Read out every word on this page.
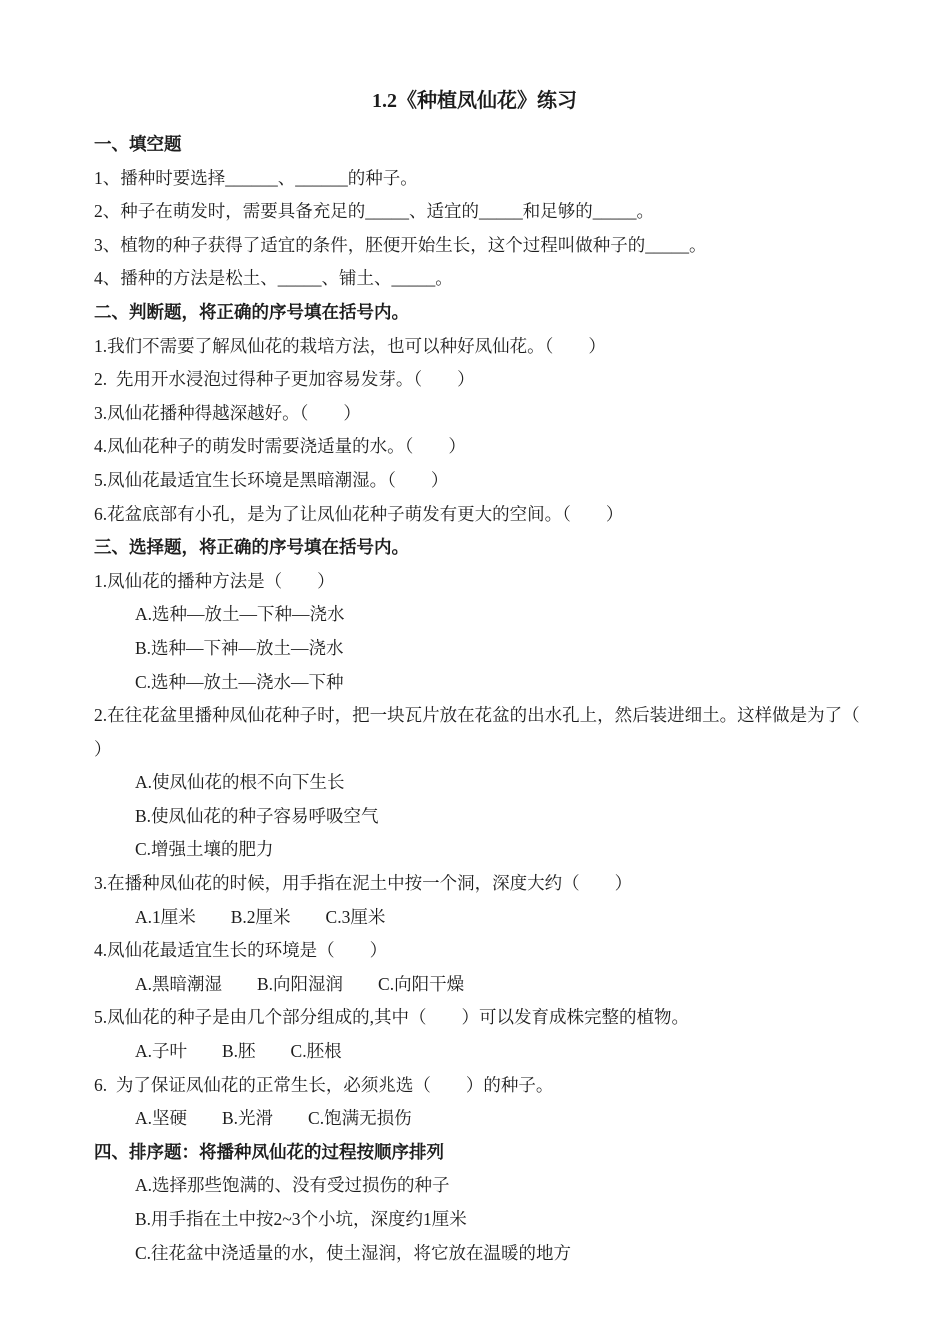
1.2《种植凤仙花》练习
一、填空题
1、播种时要选择______、______的种子。
2、种子在萌发时，需要具备充足的_____、适宜的_____和足够的_____。
3、植物的种子获得了适宜的条件，胚便开始生长，这个过程叫做种子的_____。
4、播种的方法是松土、_____、铺土、_____。
二、判断题，将正确的序号填在括号内。
1.我们不需要了解凤仙花的栽培方法，也可以种好凤仙花。（　　）
2.  先用开水浸泡过得种子更加容易发芽。（　　）
3.凤仙花播种得越深越好。（　　）
4.凤仙花种子的萌发时需要浇适量的水。（　　）
5.凤仙花最适宜生长环境是黑暗潮湿。（　　）
6.花盆底部有小孔，是为了让凤仙花种子萌发有更大的空间。（　　）
三、选择题，将正确的序号填在括号内。
1.凤仙花的播种方法是（　　）
A.选种—放土—下种—浇水
B.选种—下神—放土—浇水
C.选种—放土—浇水—下种
2.在往花盆里播种凤仙花种子时，把一块瓦片放在花盆的出水孔上，然后装进细土。这样做是为了（
）
A.使凤仙花的根不向下生长
B.使凤仙花的种子容易呼吸空气
C.增强土壤的肥力
3.在播种凤仙花的时候，用手指在泥土中按一个洞，深度大约（　　）
A.1厘米　　B.2厘米　　C.3厘米
4.凤仙花最适宜生长的环境是（　　）
A.黑暗潮湿　　B.向阳湿润　　C.向阳干燥
5.凤仙花的种子是由几个部分组成的,其中（　　）可以发育成株完整的植物。
A.子叶　　B.胚　　C.胚根
6.  为了保证凤仙花的正常生长，必须兆选（　　）的种子。
A.坚硬　　B.光滑　　C.饱满无损伤
四、排序题：将播种凤仙花的过程按顺序排列
A.选择那些饱满的、没有受过损伤的种子
B.用手指在土中按2~3个小坑，深度约1厘米
C.往花盆中浇适量的水，使土湿润，将它放在温暖的地方
